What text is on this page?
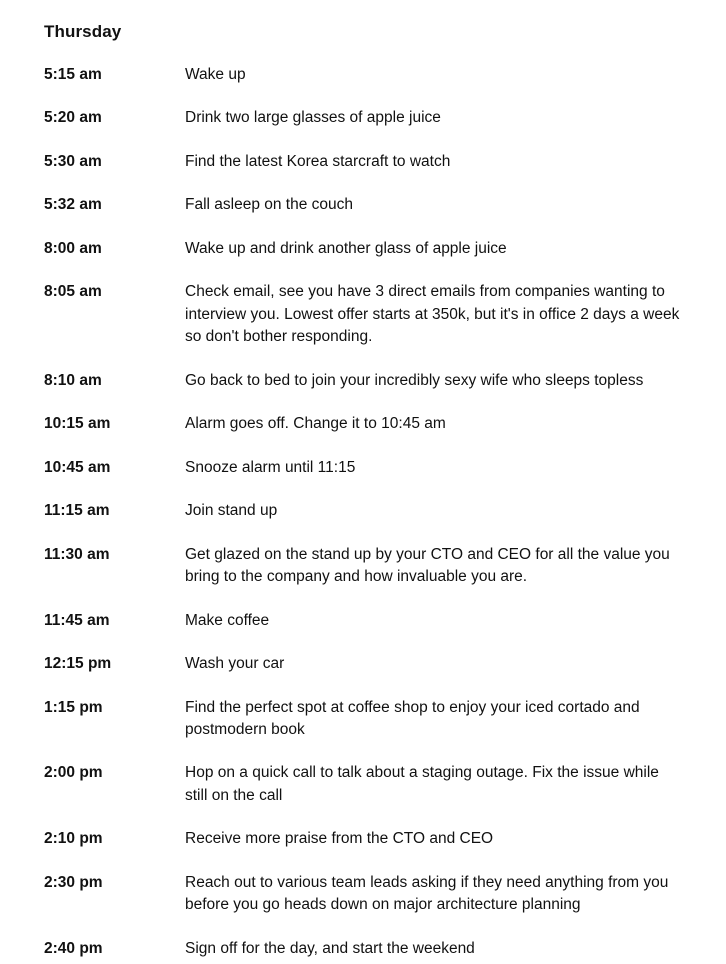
Thursday
5:15 am	Wake up
5:20 am	Drink two large glasses of apple juice
5:30 am	Find the latest Korea starcraft to watch
5:32 am	Fall asleep on the couch
8:00 am	Wake up and drink another glass of apple juice
8:05 am	Check email, see you have 3 direct emails from companies wanting to interview you. Lowest offer starts at 350k, but it's in office 2 days a week so don't bother responding.
8:10 am	Go back to bed to join your incredibly sexy wife who sleeps topless
10:15 am	Alarm goes off. Change it to 10:45 am
10:45 am	Snooze alarm until 11:15
11:15 am	Join stand up
11:30 am	Get glazed on the stand up by your CTO and CEO for all the value you bring to the company and how invaluable you are.
11:45 am	Make coffee
12:15 pm	Wash your car
1:15 pm	Find the perfect spot at coffee shop to enjoy your iced cortado and postmodern book
2:00 pm	Hop on a quick call to talk about a staging outage. Fix the issue while still on the call
2:10 pm	Receive more praise from the CTO and CEO
2:30 pm	Reach out to various team leads asking if they need anything from you before you go heads down on major architecture planning
2:40 pm	Sign off for the day, and start the weekend
